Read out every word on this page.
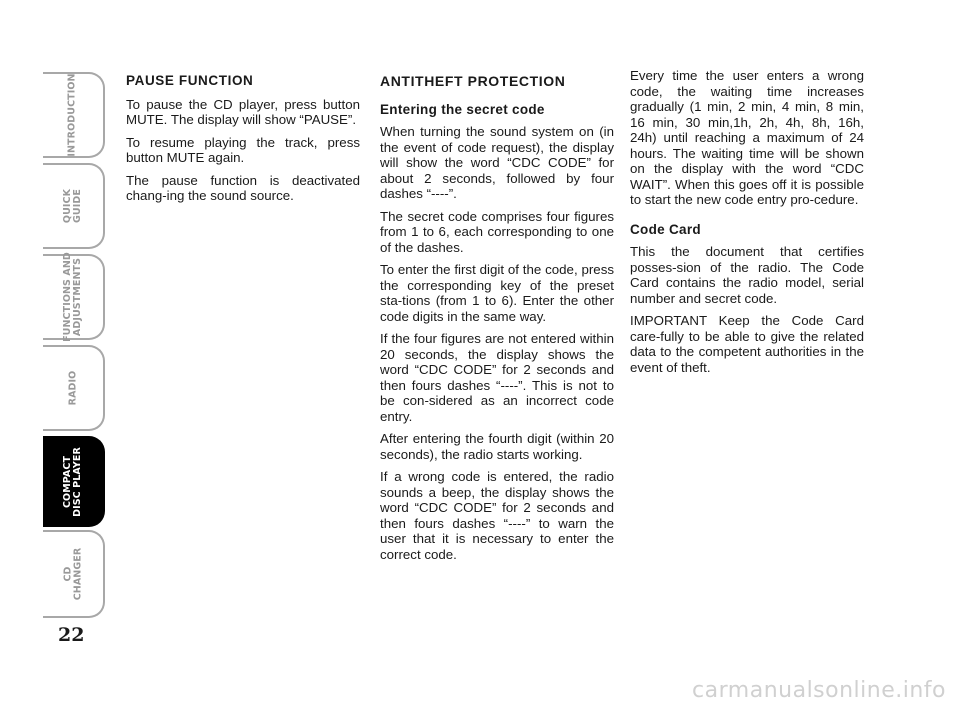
INTRODUCTION
QUICK
GUIDE
FUNCTIONS AND
ADJUSTMENTS
RADIO
COMPACT
DISC PLAYER
CD
CHANGER
22
PAUSE FUNCTION

To pause the CD player, press button MUTE. The display will show “PAUSE”.

To resume playing the track, press button MUTE again.

The pause function is deactivated chang-ing the sound source.

ANTITHEFT PROTECTION
Entering the secret code

When turning the sound system on (in the event of code request), the display will show the word “CDC CODE” for about 2 seconds, followed by four dashes “----”.

The secret code comprises four figures from 1 to 6, each corresponding to one of the dashes.

To enter the first digit of the code, press the corresponding key of the preset sta-tions (from 1 to 6). Enter the other code digits in the same way.

If the four figures are not entered within 20 seconds, the display shows the word “CDC CODE” for 2 seconds and then fours dashes “----”. This is not to be con-sidered as an incorrect code entry.

After entering the fourth digit (within 20 seconds), the radio starts working.

If a wrong code is entered, the radio sounds a beep, the display shows the word “CDC CODE” for 2 seconds and then fours dashes “----” to warn the user that it is necessary to enter the correct code.

Every time the user enters a wrong code, the waiting time increases gradually (1 min, 2 min, 4 min, 8 min, 16 min, 30 min,1h, 2h, 4h, 8h, 16h, 24h) until reaching a maximum of 24 hours. The waiting time will be shown on the display with the word “CDC WAIT”. When this goes off it is possible to start the new code entry pro-cedure.

Code Card

This the document that certifies posses-sion of the radio. The Code Card contains the radio model, serial number and secret code.

IMPORTANT Keep the Code Card care-fully to be able to give the related data to the competent authorities in the event of theft.

carmanualsonline.info
